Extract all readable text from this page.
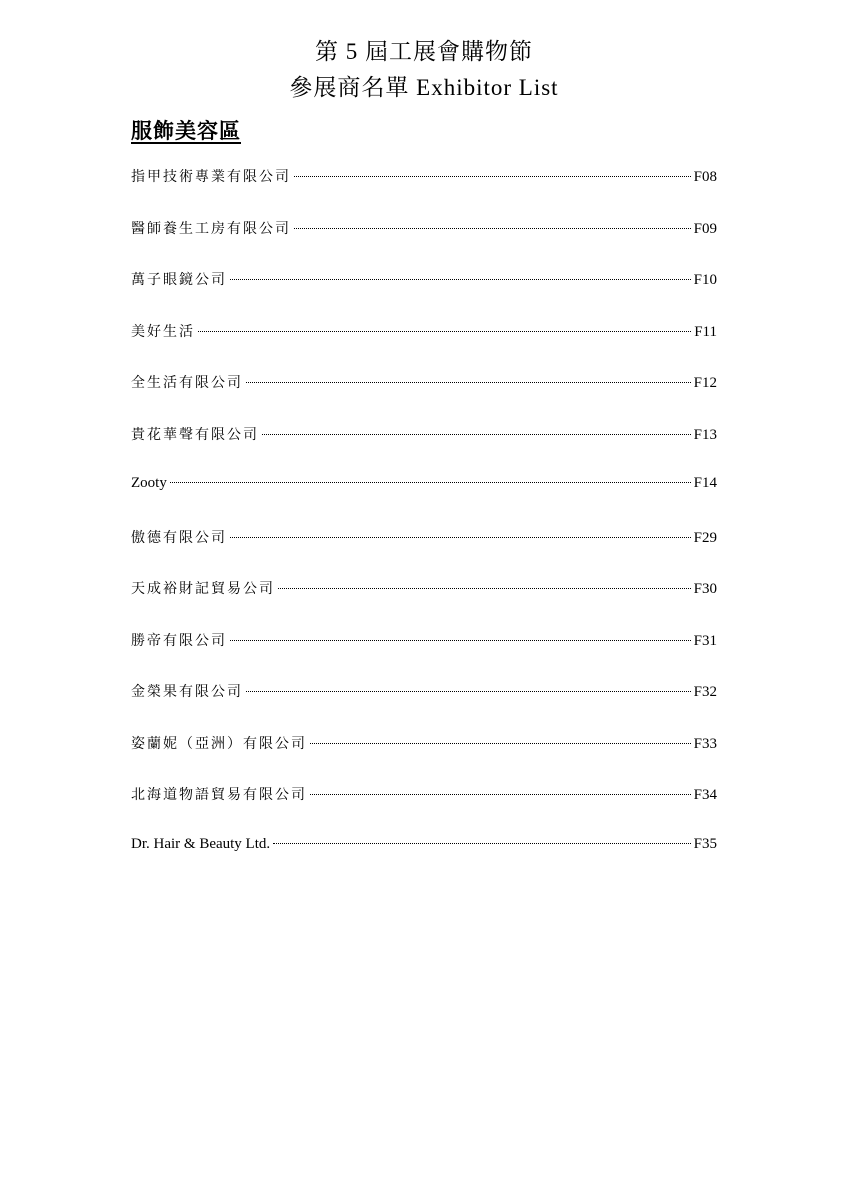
第 5 屆工展會購物節
參展商名單 Exhibitor List
服飾美容區
指甲技術專業有限公司	F08
醫師養生工房有限公司	F09
萬子眼鏡公司	F10
美好生活	F11
全生活有限公司	F12
貴花華聲有限公司	F13
Zooty	F14
傲德有限公司	F29
天成裕財記貿易公司	F30
勝帝有限公司	F31
金榮果有限公司	F32
姿蘭妮（亞洲）有限公司	F33
北海道物語貿易有限公司	F34
Dr. Hair & Beauty Ltd.	F35
